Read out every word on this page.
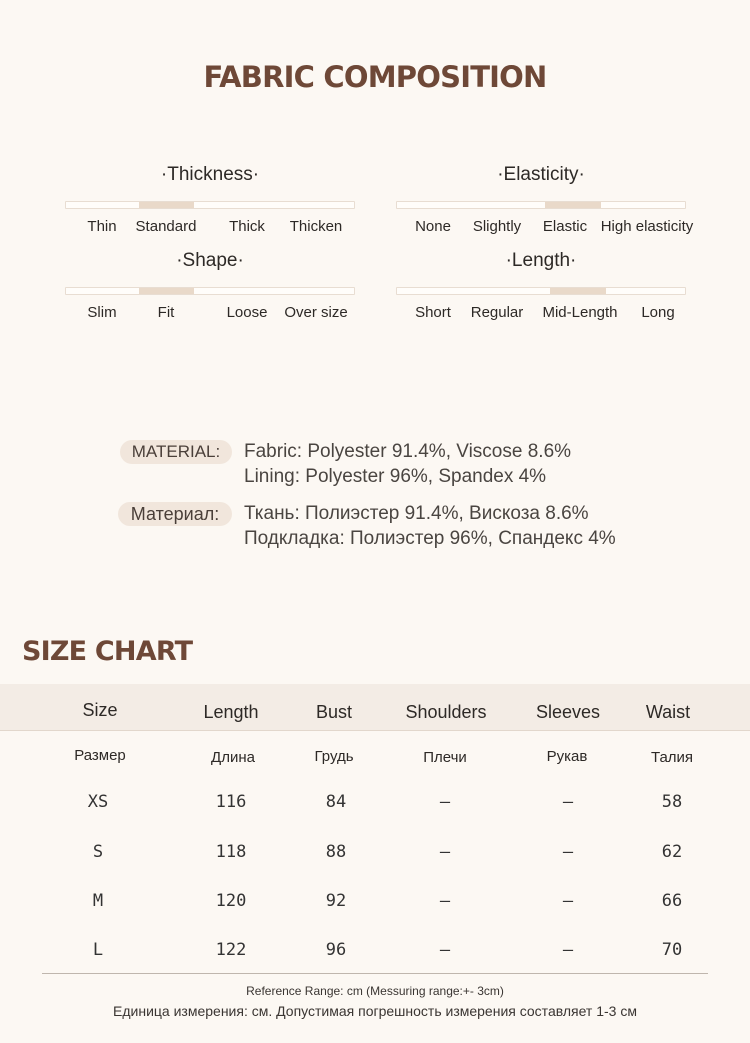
FABRIC COMPOSITION
·Thickness·
Thin Standard Thick Thicken
·Elasticity·
None Slightly Elastic High elasticity
·Shape·
Slim	Fit	Loose Over size
·Length·
Short Regular Mid-Length Long
MATERIAL:	Fabric: Polyester 91.4%, Viscose 8.6%
Lining: Polyester 96%, Spandex 4%
Материал:	Ткань: Полиэстер 91.4%, Вискоза 8.6%
Подкладка: Полиэстер 96%, Спандекс 4%
SIZE CHART
Size	Length	Bust	Shoulders	Sleeves	Waist
Размер	Длина	Грудь	Плечи	Рукав	Талия
XS	116	84	–	–	58
S	118	88	–	–	62
M	120	92	–	–	66
L	122	96	–	–	70
Reference Range: cm (Messuring range:+- 3cm)
Единица измерения: см. Допустимая погрешность измерения составляет 1-3 см
